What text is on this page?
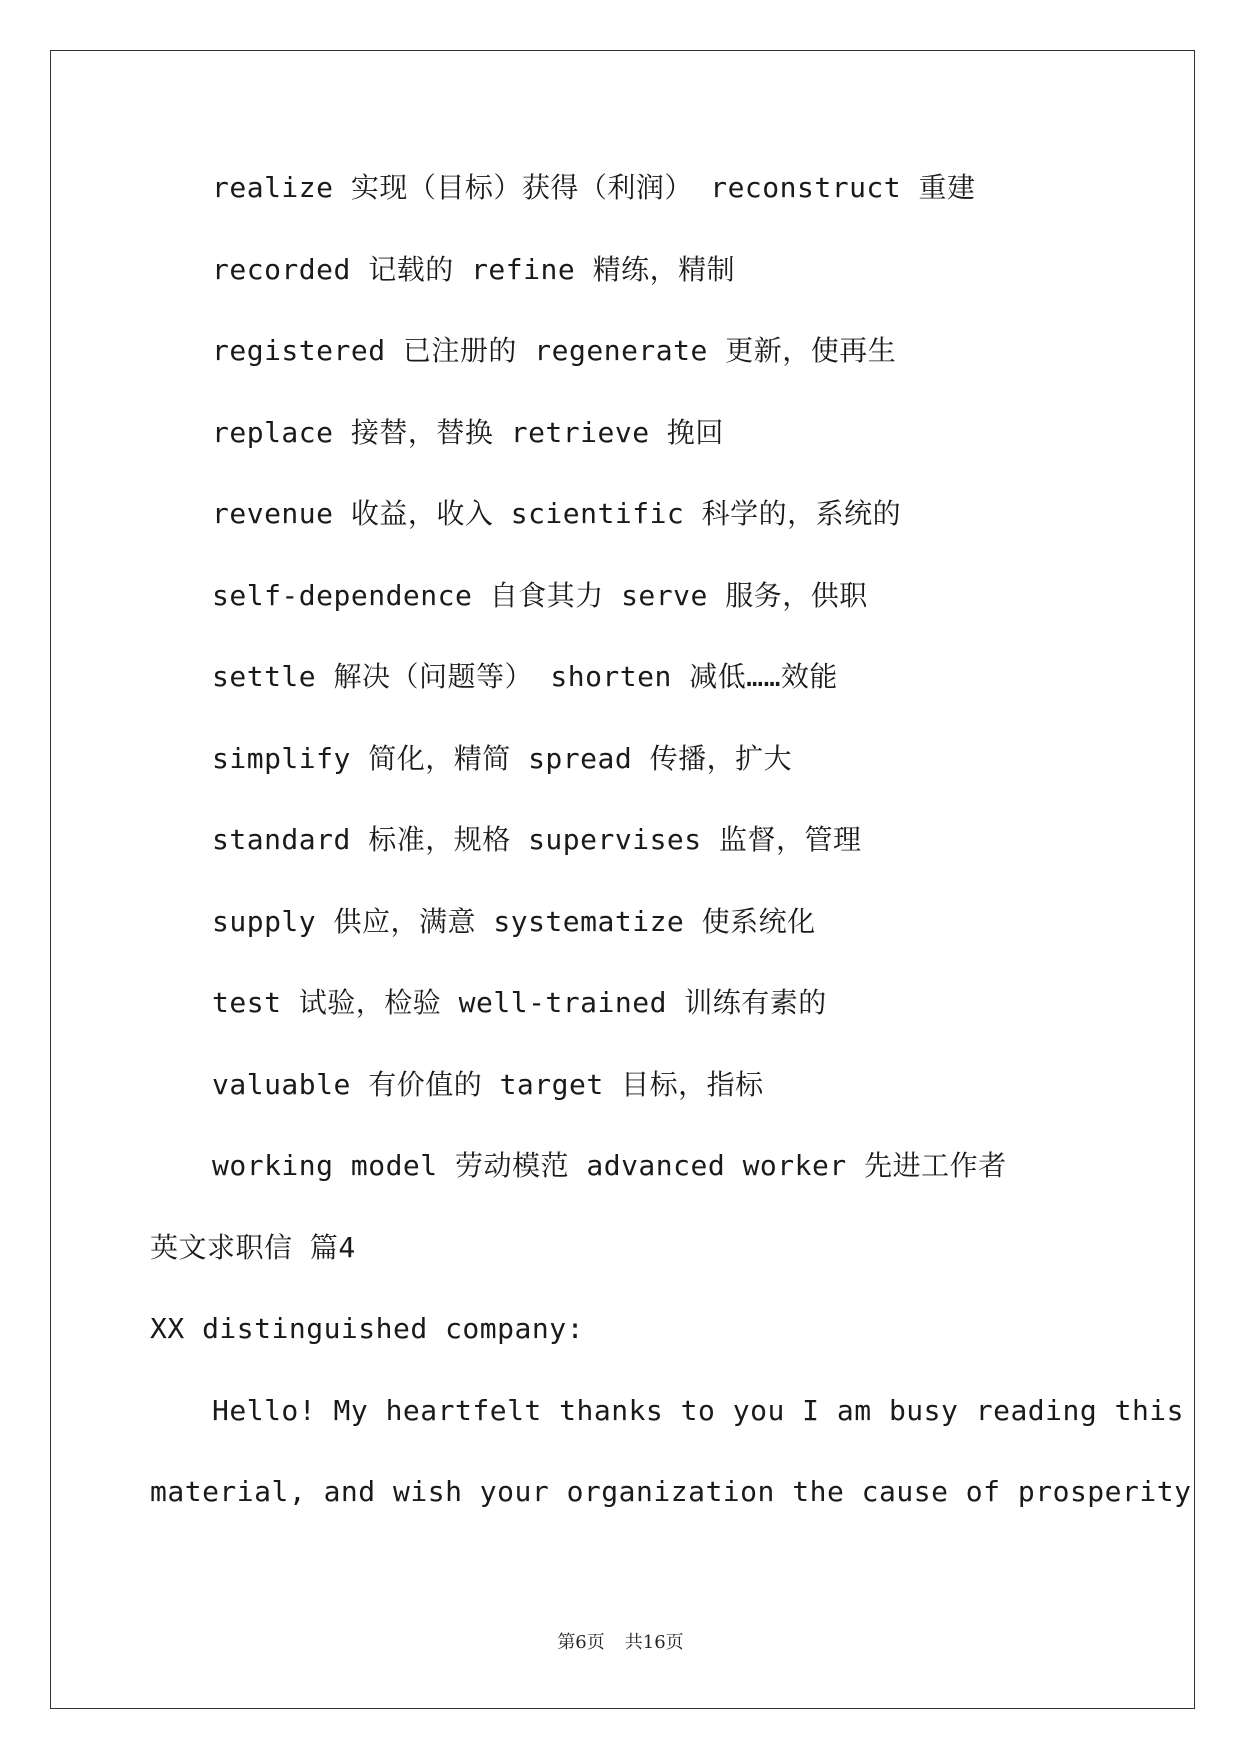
realize 实现（目标）获得（利润） reconstruct 重建
recorded 记载的 refine 精练，精制
registered 已注册的 regenerate 更新，使再生
replace 接替，替换 retrieve 挽回
revenue 收益，收入 scientific 科学的，系统的
self-dependence 自食其力 serve 服务，供职
settle 解决（问题等） shorten 减低……效能
simplify 简化，精简 spread 传播，扩大
standard 标准，规格 supervises 监督，管理
supply 供应，满意 systematize 使系统化
test 试验，检验 well-trained 训练有素的
valuable 有价值的 target 目标，指标
working model 劳动模范 advanced worker 先进工作者
英文求职信 篇4
XX distinguished company:
Hello! My heartfelt thanks to you I am busy reading this
material, and wish your organization the cause of prosperity
第6页 共16页
